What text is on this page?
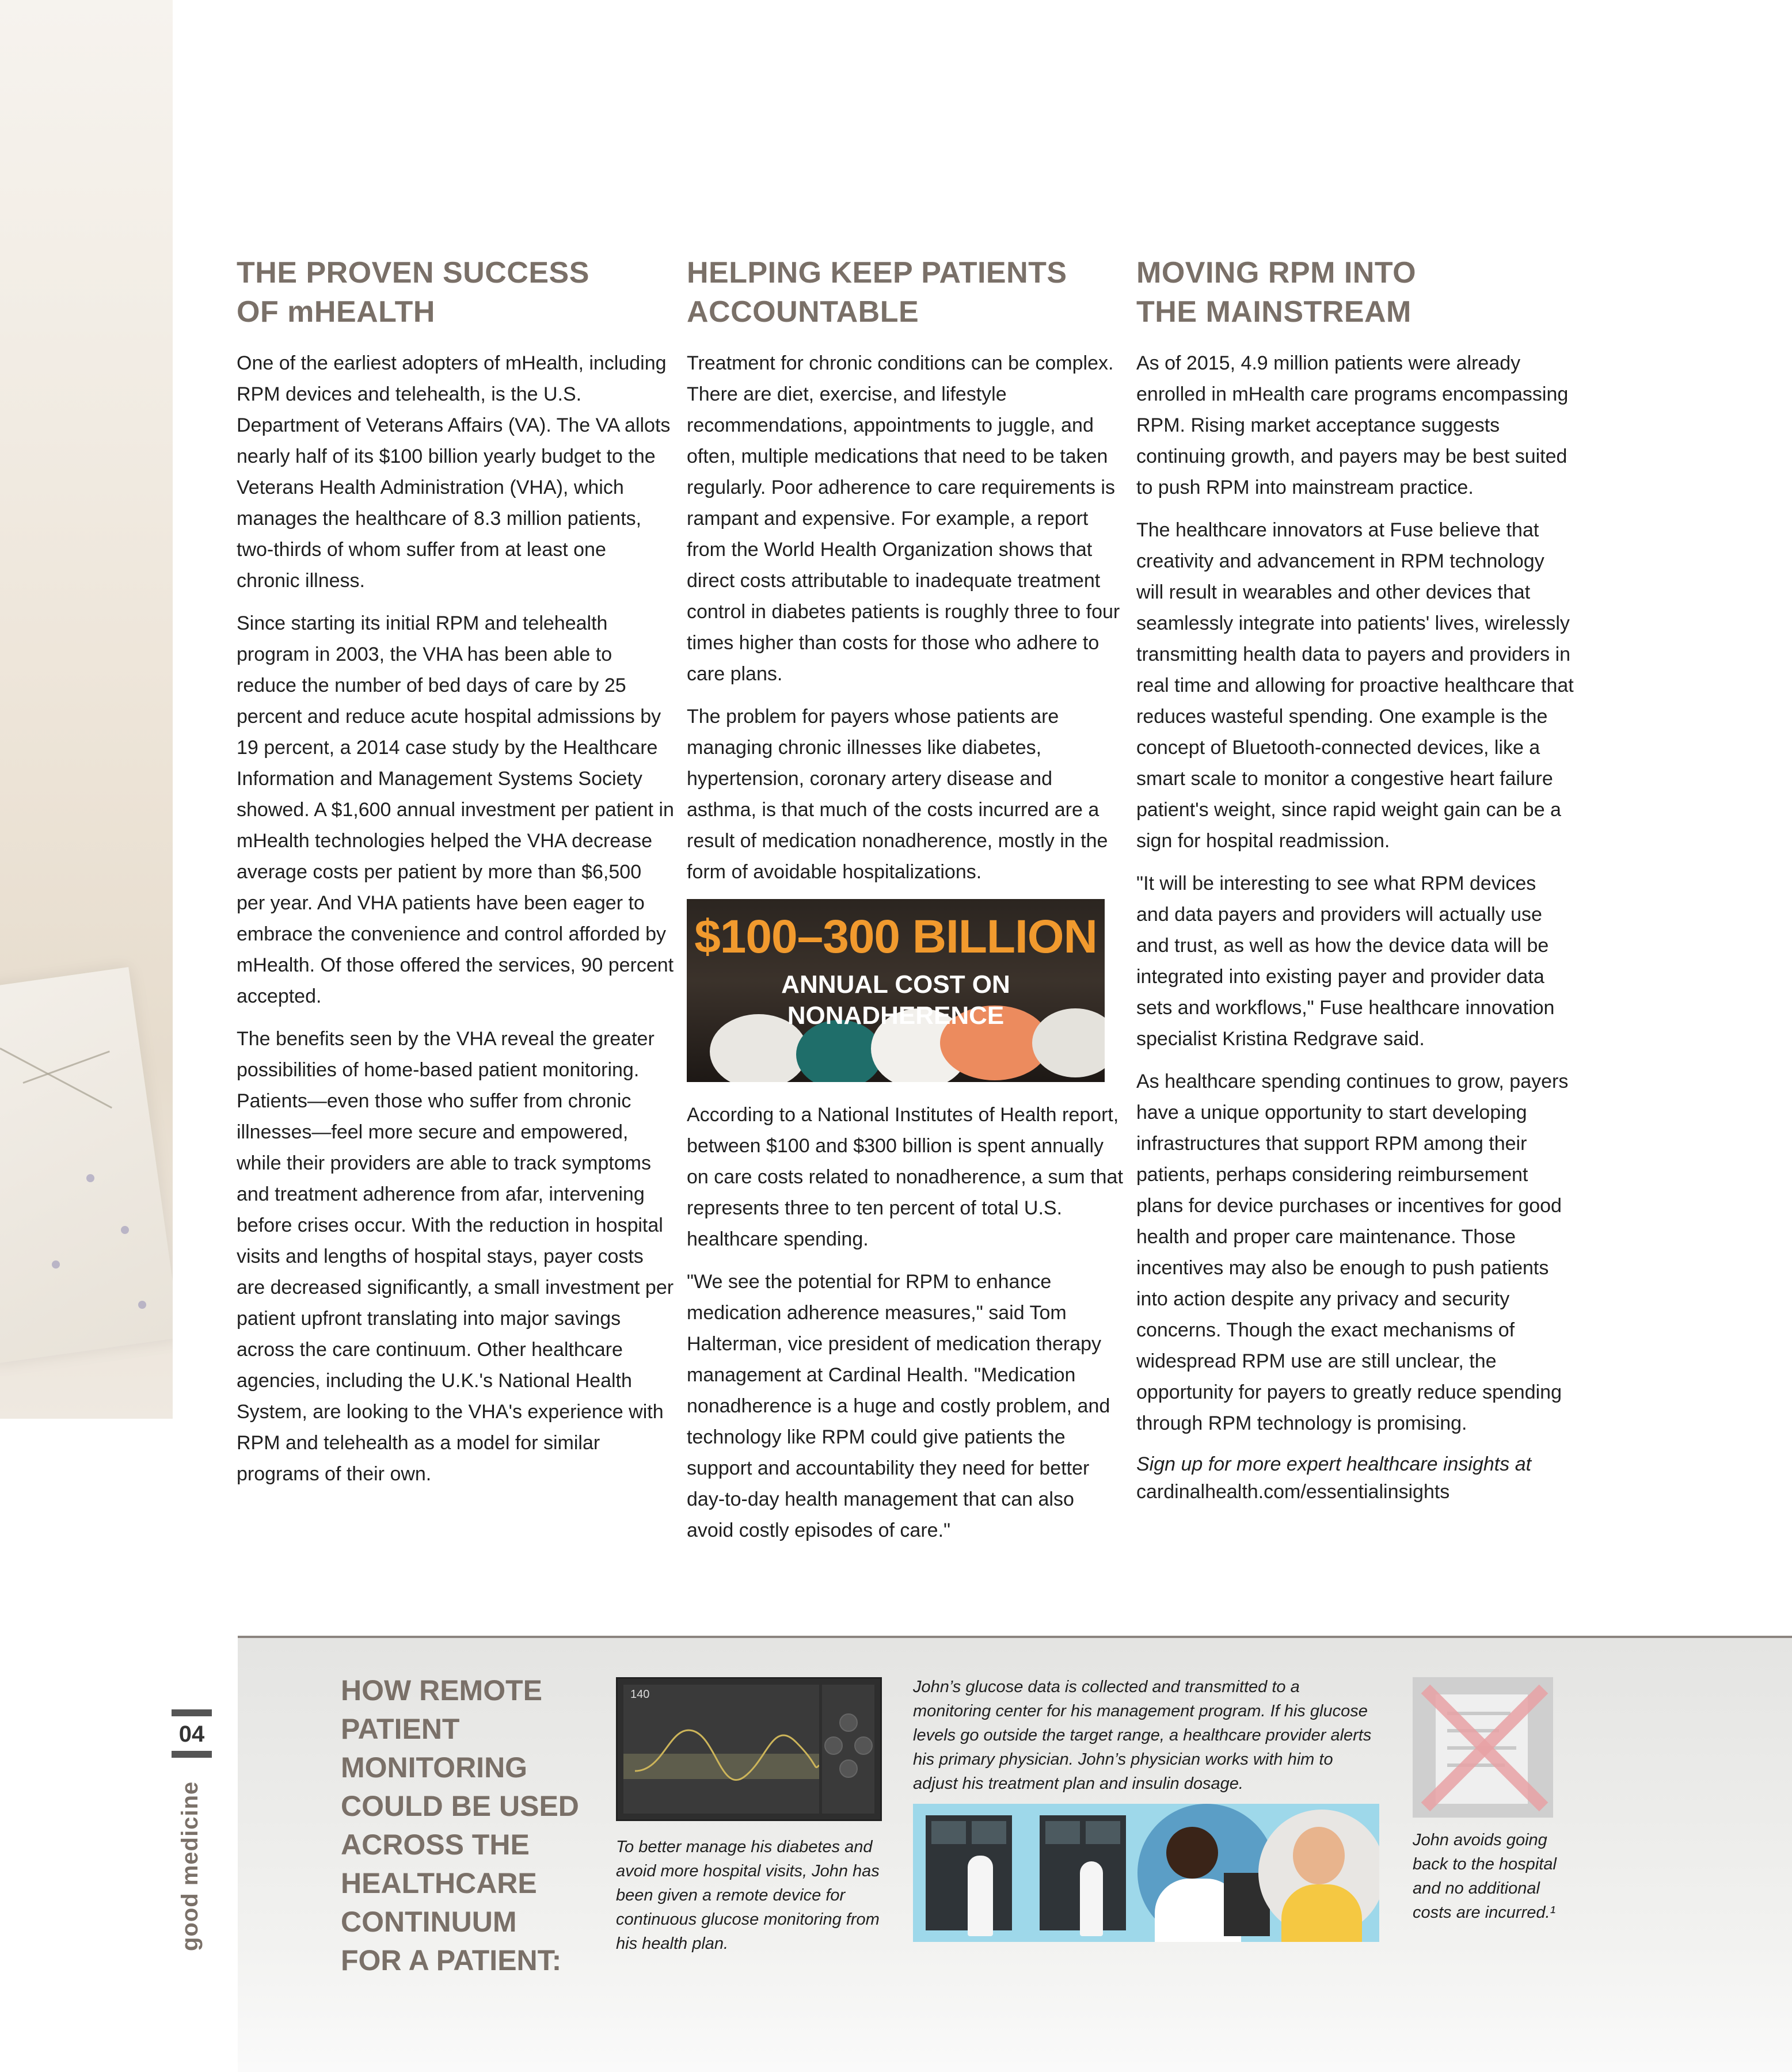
THE PROVEN SUCCESS
OF mHEALTH

One of the earliest adopters of mHealth, including RPM devices and telehealth, is the U.S. Department of Veterans Affairs (VA). The VA allots nearly half of its $100 billion yearly budget to the Veterans Health Administration (VHA), which manages the healthcare of 8.3 million patients, two-thirds of whom suffer from at least one chronic illness.

Since starting its initial RPM and telehealth program in 2003, the VHA has been able to reduce the number of bed days of care by 25 percent and reduce acute hospital admissions by 19 percent, a 2014 case study by the Healthcare Information and Management Systems Society showed. A $1,600 annual investment per patient in mHealth technologies helped the VHA decrease average costs per patient by more than $6,500 per year. And VHA patients have been eager to embrace the convenience and control afforded by mHealth. Of those offered the services, 90 percent accepted.

The benefits seen by the VHA reveal the greater possibilities of home-based patient monitoring. Patients—even those who suffer from chronic illnesses—feel more secure and empowered, while their providers are able to track symptoms and treatment adherence from afar, intervening before crises occur. With the reduction in hospital visits and lengths of hospital stays, payer costs are decreased significantly, a small investment per patient upfront translating into major savings across the care continuum. Other healthcare agencies, including the U.K.'s National Health System, are looking to the VHA's experience with RPM and telehealth as a model for similar programs of their own.

HELPING KEEP PATIENTS
ACCOUNTABLE

Treatment for chronic conditions can be complex. There are diet, exercise, and lifestyle recommendations, appointments to juggle, and often, multiple medications that need to be taken regularly. Poor adherence to care requirements is rampant and expensive. For example, a report from the World Health Organization shows that direct costs attributable to inadequate treatment control in diabetes patients is roughly three to four times higher than costs for those who adhere to care plans.

The problem for payers whose patients are managing chronic illnesses like diabetes, hypertension, coronary artery disease and asthma, is that much of the costs incurred are a result of medication nonadherence, mostly in the form of avoidable hospitalizations.

$100–300 BILLION
ANNUAL COST ON NONADHERENCE

According to a National Institutes of Health report, between $100 and $300 billion is spent annually on care costs related to nonadherence, a sum that represents three to ten percent of total U.S. healthcare spending.

"We see the potential for RPM to enhance medication adherence measures," said Tom Halterman, vice president of medication therapy management at Cardinal Health. "Medication nonadherence is a huge and costly problem, and technology like RPM could give patients the support and accountability they need for better day-to-day health management that can also avoid costly episodes of care."

MOVING RPM INTO
THE MAINSTREAM

As of 2015, 4.9 million patients were already enrolled in mHealth care programs encompassing RPM. Rising market acceptance suggests continuing growth, and payers may be best suited to push RPM into mainstream practice.

The healthcare innovators at Fuse believe that creativity and advancement in RPM technology will result in wearables and other devices that seamlessly integrate into patients' lives, wirelessly transmitting health data to payers and providers in real time and allowing for proactive healthcare that reduces wasteful spending. One example is the concept of Bluetooth-connected devices, like a smart scale to monitor a congestive heart failure patient's weight, since rapid weight gain can be a sign for hospital readmission.

"It will be interesting to see what RPM devices and data payers and providers will actually use and trust, as well as how the device data will be integrated into existing payer and provider data sets and workflows," Fuse healthcare innovation specialist Kristina Redgrave said.

As healthcare spending continues to grow, payers have a unique opportunity to start developing infrastructures that support RPM among their patients, perhaps considering reimbursement plans for device purchases or incentives for good health and proper care maintenance. Those incentives may also be enough to push patients into action despite any privacy and security concerns. Though the exact mechanisms of widespread RPM use are still unclear, the opportunity for payers to greatly reduce spending through RPM technology is promising.

Sign up for more expert healthcare insights at

cardinalhealth.com/essentialinsights
04
good medicine
HOW REMOTE PATIENT MONITORING COULD BE USED ACROSS THE HEALTHCARE CONTINUUM FOR A PATIENT:
140
To better manage his diabetes and avoid more hospital visits, John has been given a remote device for continuous glucose monitoring from his health plan.
John’s glucose data is collected and transmitted to a monitoring center for his management program. If his glucose levels go outside the target range, a healthcare provider alerts his primary physician. John’s physician works with him to adjust his treatment plan and insulin dosage.
John avoids going back to the hospital and no additional costs are incurred.¹
